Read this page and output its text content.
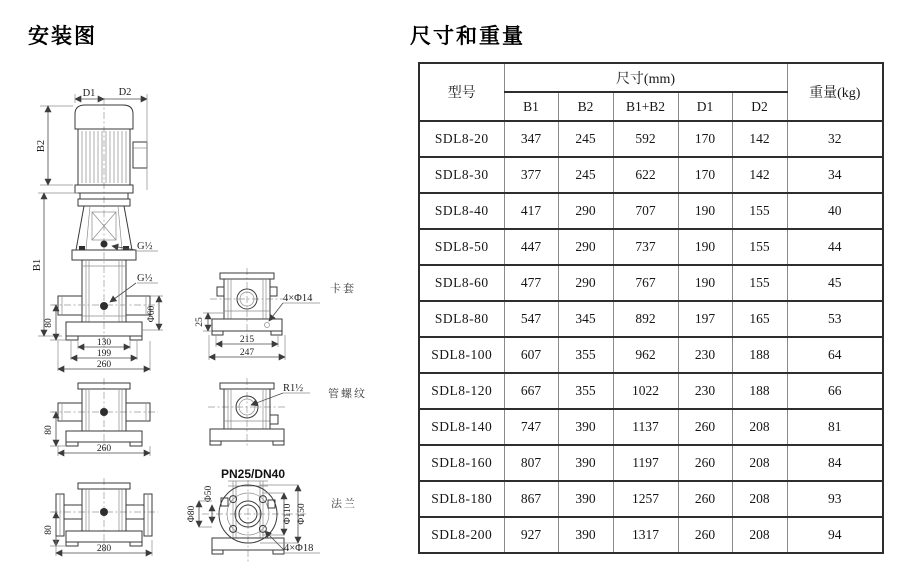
安装图	尺寸和重量
D1 D2
B2
B1
G½
G½
80
Φ60
130
199
260
80
260
80
280
25
215
247
4×Φ14
卡套
R1½ 管螺纹
PN25/DN40
Φ50
Φ80	Φ110 Φ150
4×Φ18
法兰
型号	尺寸(mm)					重量(kg)
	B1	B2	B1+B2	D1	D2	
SDL8-20	347	245	592	170	142	32
SDL8-30	377	245	622	170	142	34
SDL8-40	417	290	707	190	155	40
SDL8-50	447	290	737	190	155	44
SDL8-60	477	290	767	190	155	45
SDL8-80	547	345	892	197	165	53
SDL8-100	607	355	962	230	188	64
SDL8-120	667	355	1022	230	188	66
SDL8-140	747	390	1137	260	208	81
SDL8-160	807	390	1197	260	208	84
SDL8-180	867	390	1257	260	208	93
SDL8-200	927	390	1317	260	208	94
